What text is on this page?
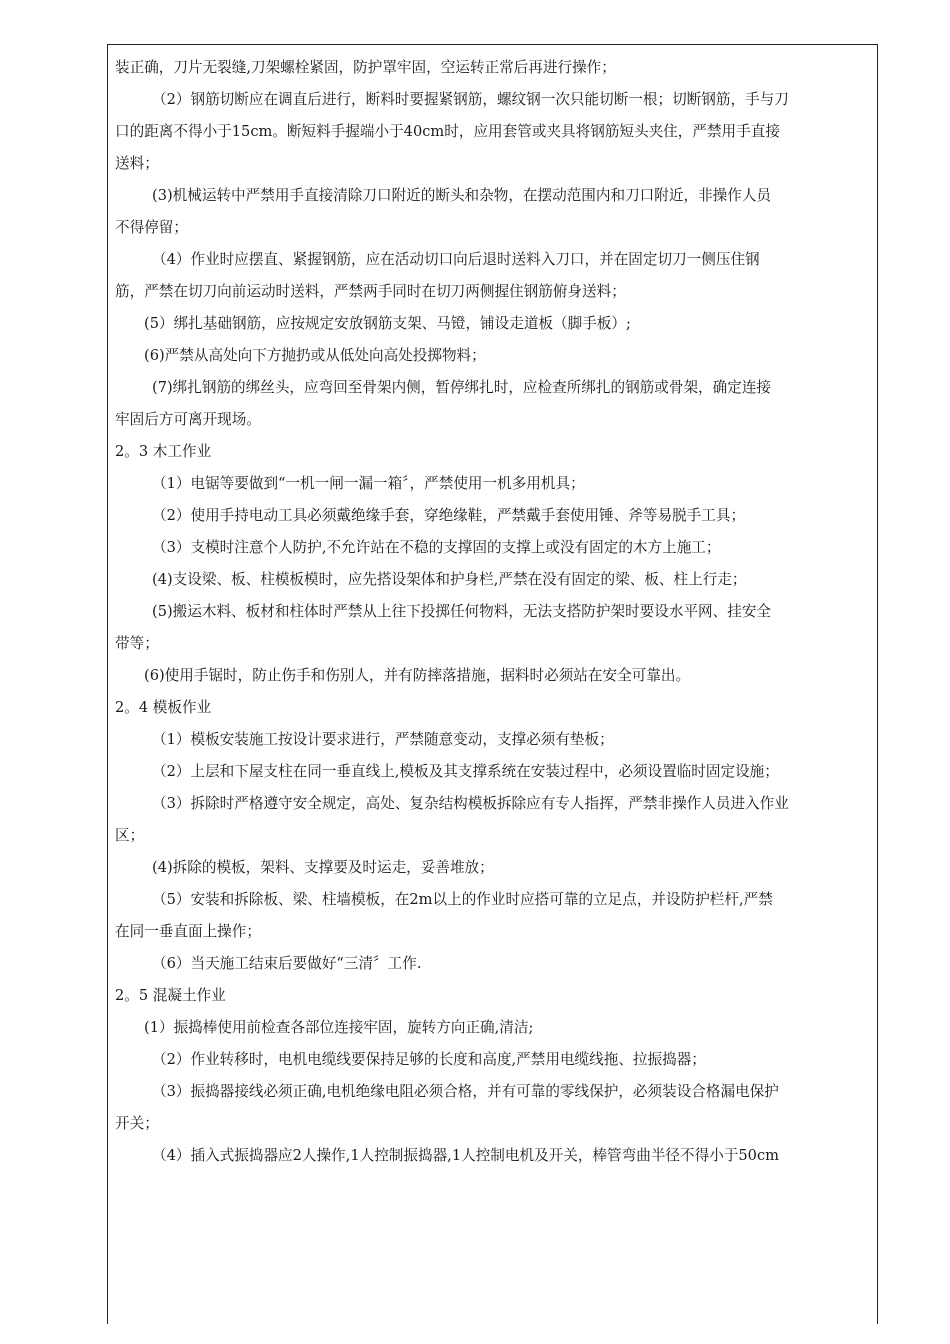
装正确，刀片无裂缝,刀架螺栓紧固，防护罩牢固，空运转正常后再进行操作；
（2）钢筋切断应在调直后进行，断料时要握紧钢筋，螺纹钢一次只能切断一根；切断钢筋，手与刀
口的距离不得小于15cm。断短料手握端小于40cm时，应用套管或夹具将钢筋短头夹住，严禁用手直接
送料；
(3)机械运转中严禁用手直接清除刀口附近的断头和杂物，在摆动范围内和刀口附近，非操作人员
不得停留；
（4）作业时应摆直、紧握钢筋，应在活动切口向后退时送料入刀口，并在固定切刀一侧压住钢
筋，严禁在切刀向前运动时送料，严禁两手同时在切刀两侧握住钢筋俯身送料；
(5）绑扎基础钢筋，应按规定安放钢筋支架、马镫，铺设走道板（脚手板）;
(6)严禁从高处向下方抛扔或从低处向高处投掷物料；
(7)绑扎钢筋的绑丝头，应弯回至骨架内侧，暂停绑扎时，应检查所绑扎的钢筋或骨架，确定连接
牢固后方可离开现场。
2。3 木工作业
（1）电锯等要做到“一机一闸一漏一箱〞，严禁使用一机多用机具；
（2）使用手持电动工具必须戴绝缘手套，穿绝缘鞋，严禁戴手套使用锤、斧等易脱手工具；
（3）支模时注意个人防护,不允许站在不稳的支撑固的支撑上或没有固定的木方上施工；
(4)支设梁、板、柱模板模时，应先搭设架体和护身栏,严禁在没有固定的梁、板、柱上行走；
(5)搬运木料、板材和柱体时严禁从上往下投掷任何物料，无法支搭防护架时要设水平网、挂安全
带等；
(6)使用手锯时，防止伤手和伤别人，并有防摔落措施，据料时必须站在安全可靠出。
2。4 模板作业
（1）模板安装施工按设计要求进行，严禁随意变动，支撑必须有垫板；
（2）上层和下屋支柱在同一垂直线上,模板及其支撑系统在安装过程中，必须设置临时固定设施；
（3）拆除时严格遵守安全规定，高处、复杂结构模板拆除应有专人指挥，严禁非操作人员进入作业
区；
(4)拆除的模板，架料、支撑要及时运走，妥善堆放；
（5）安装和拆除板、梁、柱墙模板，在2m以上的作业时应搭可靠的立足点，并设防护栏杆,严禁
在同一垂直面上操作；
（6）当天施工结束后要做好“三清〞工作.
2。5 混凝土作业
(1）振捣棒使用前检查各部位连接牢固，旋转方向正确,清洁;
（2）作业转移时，电机电缆线要保持足够的长度和高度,严禁用电缆线拖、拉振捣器；
（3）振捣器接线必须正确,电机绝缘电阻必须合格，并有可靠的零线保护，必须装设合格漏电保护
开关；
（4）插入式振捣器应2人操作,1人控制振捣器,1人控制电机及开关，棒管弯曲半径不得小于50cm
